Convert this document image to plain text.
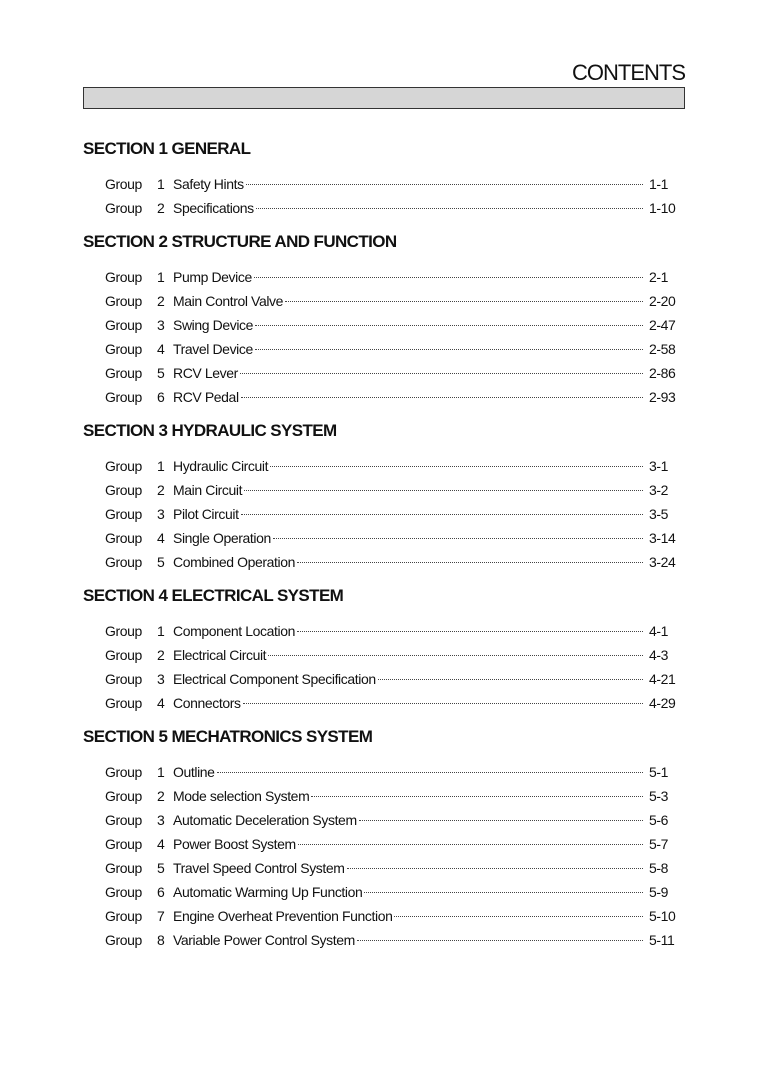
CONTENTS
SECTION 1 GENERAL
Group	1 Safety Hints	1-1
Group	2 Specifications	1-10
SECTION 2 STRUCTURE AND FUNCTION
Group	1 Pump Device	2-1
Group	2 Main Control Valve	2-20
Group	3 Swing Device	2-47
Group	4 Travel Device	2-58
Group	5 RCV Lever	2-86
Group	6 RCV Pedal	2-93
SECTION 3 HYDRAULIC SYSTEM
Group	1 Hydraulic Circuit	3-1
Group	2 Main Circuit	3-2
Group	3 Pilot Circuit	3-5
Group	4 Single Operation	3-14
Group	5 Combined Operation	3-24
SECTION 4 ELECTRICAL SYSTEM
Group	1 Component Location	4-1
Group	2 Electrical Circuit	4-3
Group	3 Electrical Component Specification	4-21
Group	4 Connectors	4-29
SECTION 5 MECHATRONICS SYSTEM
Group	1 Outline	5-1
Group	2 Mode selection System	5-3
Group	3 Automatic Deceleration System	5-6
Group	4 Power Boost System	5-7
Group	5 Travel Speed Control System	5-8
Group	6 Automatic Warming Up Function	5-9
Group	7 Engine Overheat Prevention Function	5-10
Group	8 Variable Power Control System	5-11
